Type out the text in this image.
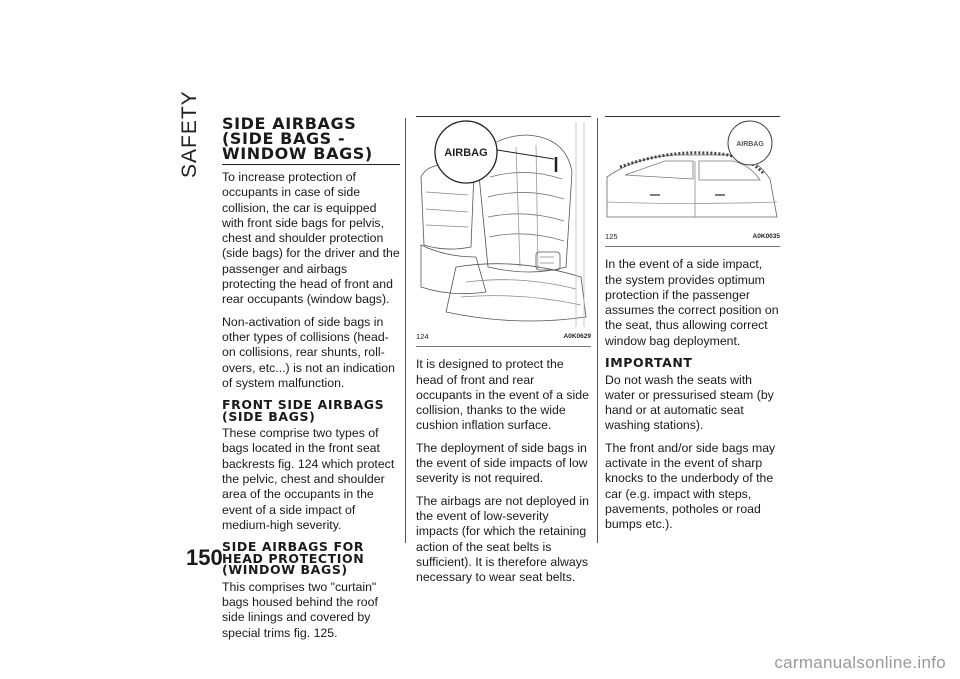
SAFETY
150
SIDE AIRBAGS (SIDE BAGS - WINDOW BAGS)

To increase protection of occupants in case of side collision, the car is equipped with front side bags for pelvis, chest and shoulder protection (side bags) for the driver and the passenger and airbags protecting the head of front and rear occupants (window bags).

Non-activation of side bags in other types of collisions (head-on collisions, rear shunts, roll-overs, etc...) is not an indication of system malfunction.

FRONT SIDE AIRBAGS (SIDE BAGS)

These comprise two types of bags located in the front seat backrests fig. 124 which protect the pelvic, chest and shoulder area of the occupants in the event of a side impact of medium-high severity.

SIDE AIRBAGS FOR HEAD PROTECTION (WINDOW BAGS)

This comprises two "curtain" bags housed behind the roof side linings and covered by special trims fig. 125.

AIRBAG
124	A0K0629

It is designed to protect the head of front and rear occupants in the event of a side collision, thanks to the wide cushion inflation surface.

The deployment of side bags in the event of side impacts of low severity is not required.

The airbags are not deployed in the event of low-severity impacts (for which the retaining action of the seat belts is sufficient). It is therefore always necessary to wear seat belts.

AIRBAG
125	A0K0035

In the event of a side impact, the system provides optimum protection if the passenger assumes the correct position on the seat, thus allowing correct window bag deployment.

IMPORTANT

Do not wash the seats with water or pressurised steam (by hand or at automatic seat washing stations).

The front and/or side bags may activate in the event of sharp knocks to the underbody of the car (e.g. impact with steps, pavements, potholes or road bumps etc.).

carmanualsonline.info
